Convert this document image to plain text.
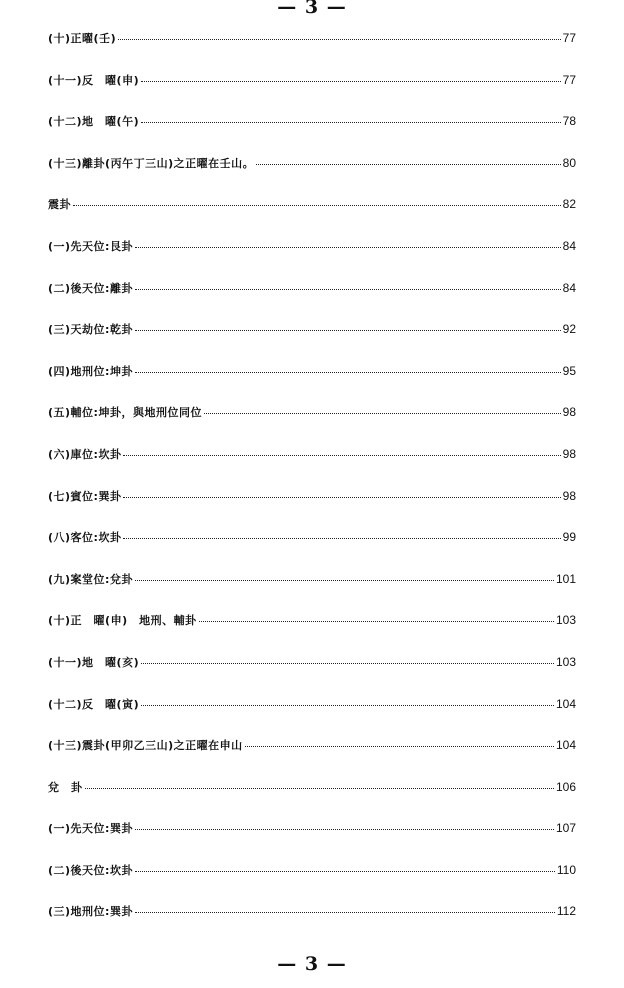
— 3 —
(十)正曜(壬)	77
(十一)反　曜(申)	77
(十二)地　曜(午)	78
(十三)離卦(丙午丁三山)之正曜在壬山。	80
震卦	82
(一)先天位:艮卦	84
(二)後天位:離卦	84
(三)天劫位:乾卦	92
(四)地刑位:坤卦	95
(五)輔位:坤卦，與地刑位同位	98
(六)庫位:坎卦	98
(七)賓位:巽卦	98
(八)客位:坎卦	99
(九)案堂位:兌卦	101
(十)正　曜(申)　地刑、輔卦	103
(十一)地　曜(亥)	103
(十二)反　曜(寅)	104
(十三)震卦(甲卯乙三山)之正曜在申山	104
兌　卦	106
(一)先天位:巽卦	107
(二)後天位:坎卦	110
(三)地刑位:巽卦	112
— 3 —
